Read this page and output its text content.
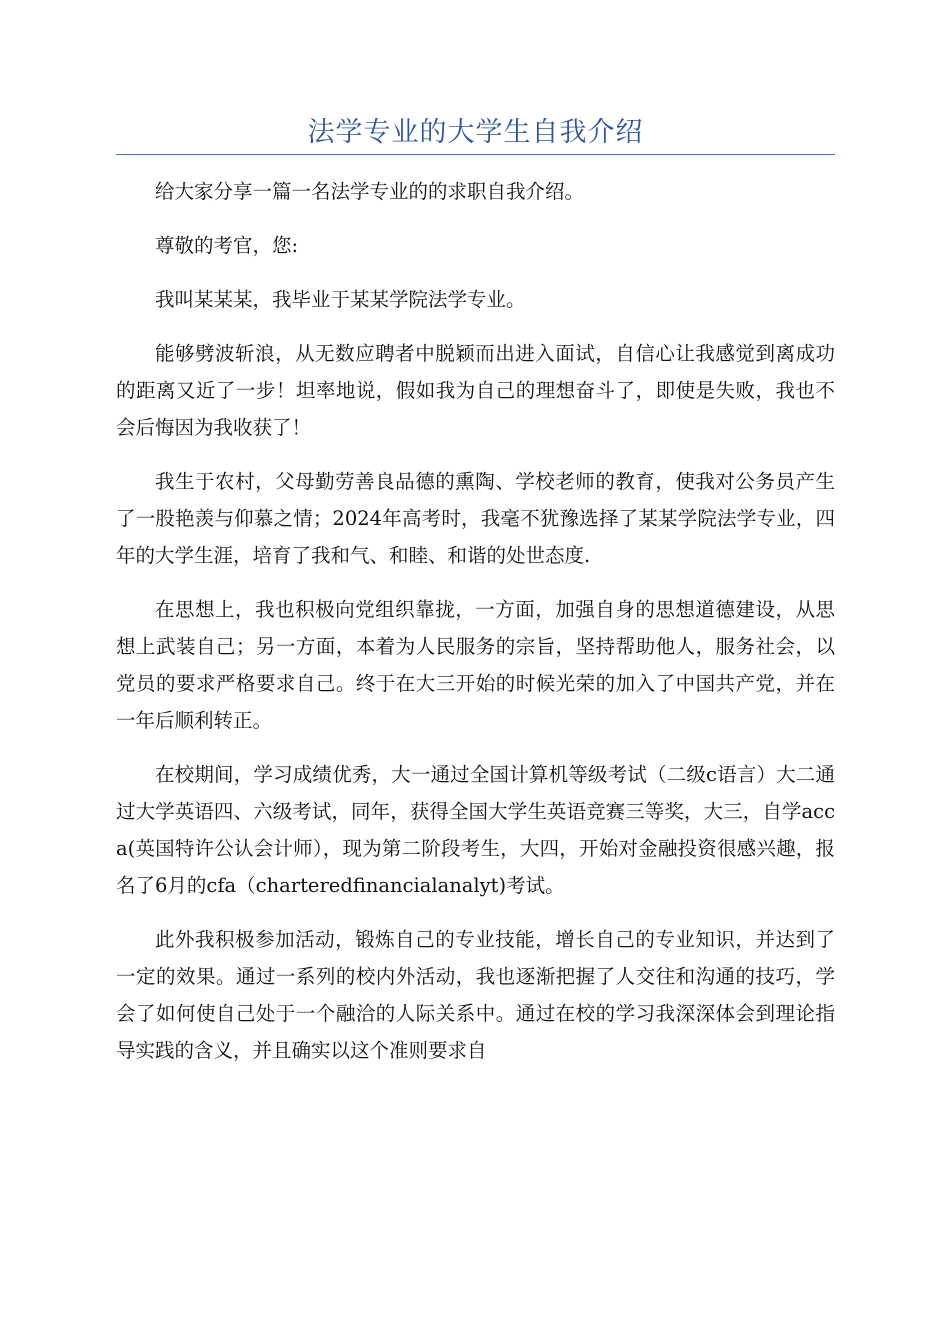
法学专业的大学生自我介绍

给大家分享一篇一名法学专业的的求职自我介绍。

尊敬的考官，您:

我叫某某某，我毕业于某某学院法学专业。

能够劈波斩浪，从无数应聘者中脱颖而出进入面试，自信心让我感觉到离成功的距离又近了一步！坦率地说，假如我为自己的理想奋斗了，即使是失败，我也不会后悔因为我收获了！

我生于农村，父母勤劳善良品德的熏陶、学校老师的教育，使我对公务员产生了一股艳羡与仰慕之情；2024年高考时，我毫不犹豫选择了某某学院法学专业，四年的大学生涯，培育了我和气、和睦、和谐的处世态度.

在思想上，我也积极向党组织靠拢，一方面，加强自身的思想道德建设，从思想上武装自己；另一方面，本着为人民服务的宗旨，坚持帮助他人，服务社会，以党员的要求严格要求自己。终于在大三开始的时候光荣的加入了中国共产党，并在一年后顺利转正。

在校期间，学习成绩优秀，大一通过全国计算机等级考试（二级c语言）大二通过大学英语四、六级考试，同年，获得全国大学生英语竞赛三等奖，大三，自学acca(英国特许公认会计师），现为第二阶段考生，大四，开始对金融投资很感兴趣，报名了6月的cfa（charteredfinancialanalyt)考试。

此外我积极参加活动，锻炼自己的专业技能，增长自己的专业知识，并达到了一定的效果。通过一系列的校内外活动，我也逐渐把握了人交往和沟通的技巧，学会了如何使自己处于一个融洽的人际关系中。通过在校的学习我深深体会到理论指导实践的含义，并且确实以这个准则要求自
